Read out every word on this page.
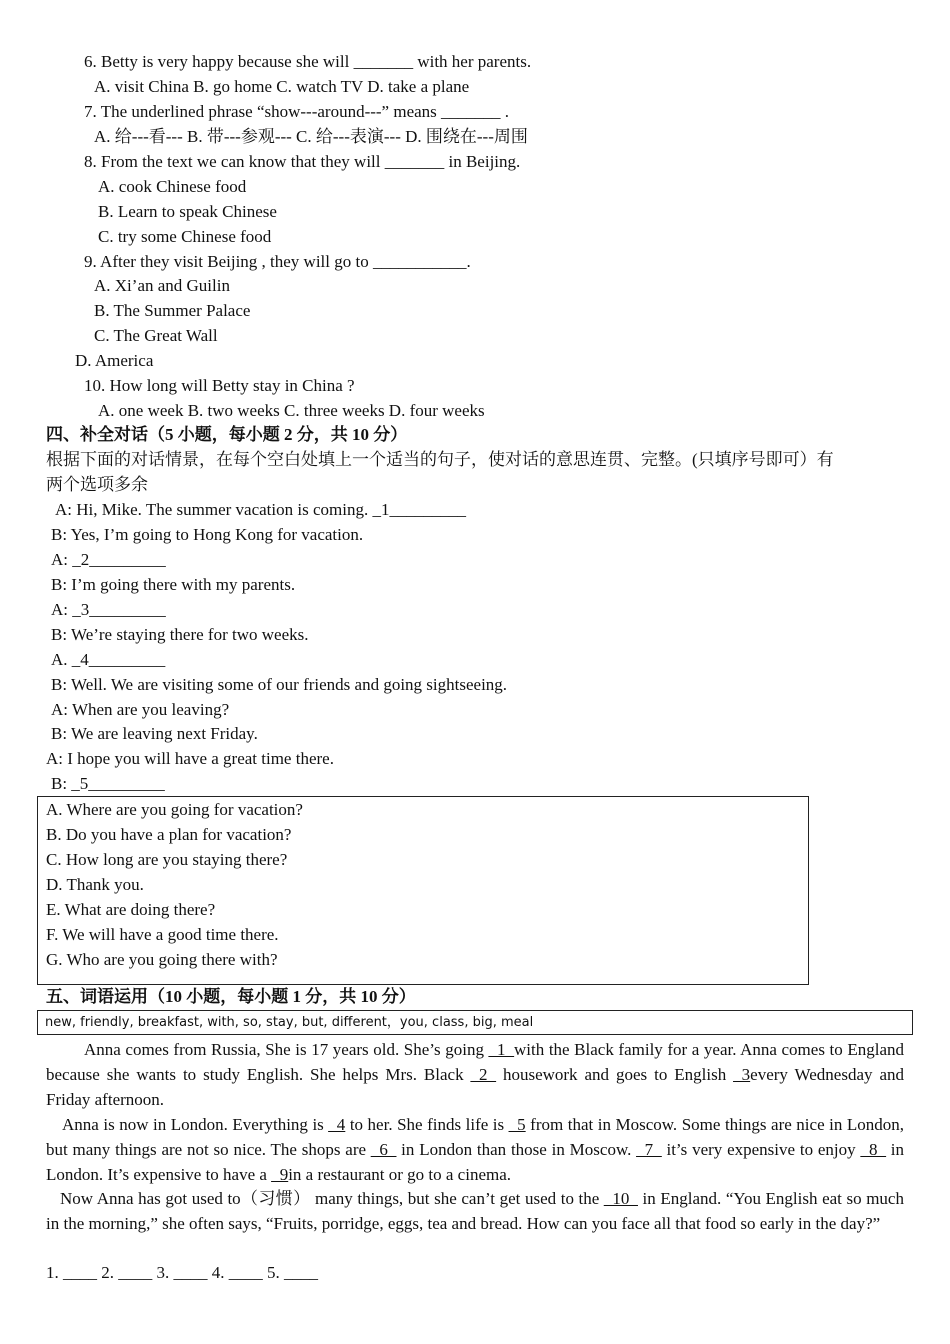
6. Betty is very happy because she will _______ with her parents.
A. visit China B. go home C. watch TV D. take a plane
7. The underlined phrase “show---around---” means _______ .
A. 给---看--- B. 带---参观--- C. 给---表演--- D. 围绕在---周围
8. From the text we can know that they will _______ in Beijing.
A. cook Chinese food
B. Learn to speak Chinese
C. try some Chinese food
9. After they visit Beijing , they will go to ___________.
A. Xi’an and Guilin
B. The Summer Palace
C. The Great Wall
D. America
10. How long will Betty stay in China ?
A. one week B. two weeks C. three weeks D. four weeks
四、补全对话（5 小题，每小题 2 分，共 10 分）
根据下面的对话情景，在每个空白处填上一个适当的句子，使对话的意思连贯、完整。(只填序号即可）有
两个选项多余
A: Hi, Mike. The summer vacation is coming. _1_________
B: Yes, I’m going to Hong Kong for vacation.
A: _2_________
B: I’m going there with my parents.
A: _3_________
B: We’re staying there for two weeks.
A. _4_________
B: Well. We are visiting some of our friends and going sightseeing.
A: When are you leaving?
B: We are leaving next Friday.
A: I hope you will have a great time there.
B: _5_________
A. Where are you going for vacation?
B. Do you have a plan for vacation?
C. How long are you staying there?
D. Thank you.
E. What are doing there?
F. We will have a good time there.
G. Who are you going there with?
五、词语运用（10 小题，每小题 1 分，共 10 分）
new, friendly, breakfast, with, so, stay, but, different，you, class, big, meal
Anna comes from Russia, She is 17 years old. She’s going _1_with the Black family for a year. Anna comes to England because she wants to study English. She helps Mrs. Black _2_ housework and goes to English _3every Wednesday and Friday afternoon.
Anna is now in London. Everything is _4 to her. She finds life is _5 from that in Moscow. Some things are nice in London, but many things are not so nice. The shops are _6_ in London than those in Moscow. _7_ it’s very expensive to enjoy _8_ in London. It’s expensive to have a _9in a restaurant or go to a cinema.
Now Anna has got used to（习惯） many things, but she can’t get used to the _10_ in England. “You English eat so much in the morning,” she often says, “Fruits, porridge, eggs, tea and bread. How can you face all that food so early in the day?”
1. ____ 2. ____ 3. ____ 4. ____ 5. ____
